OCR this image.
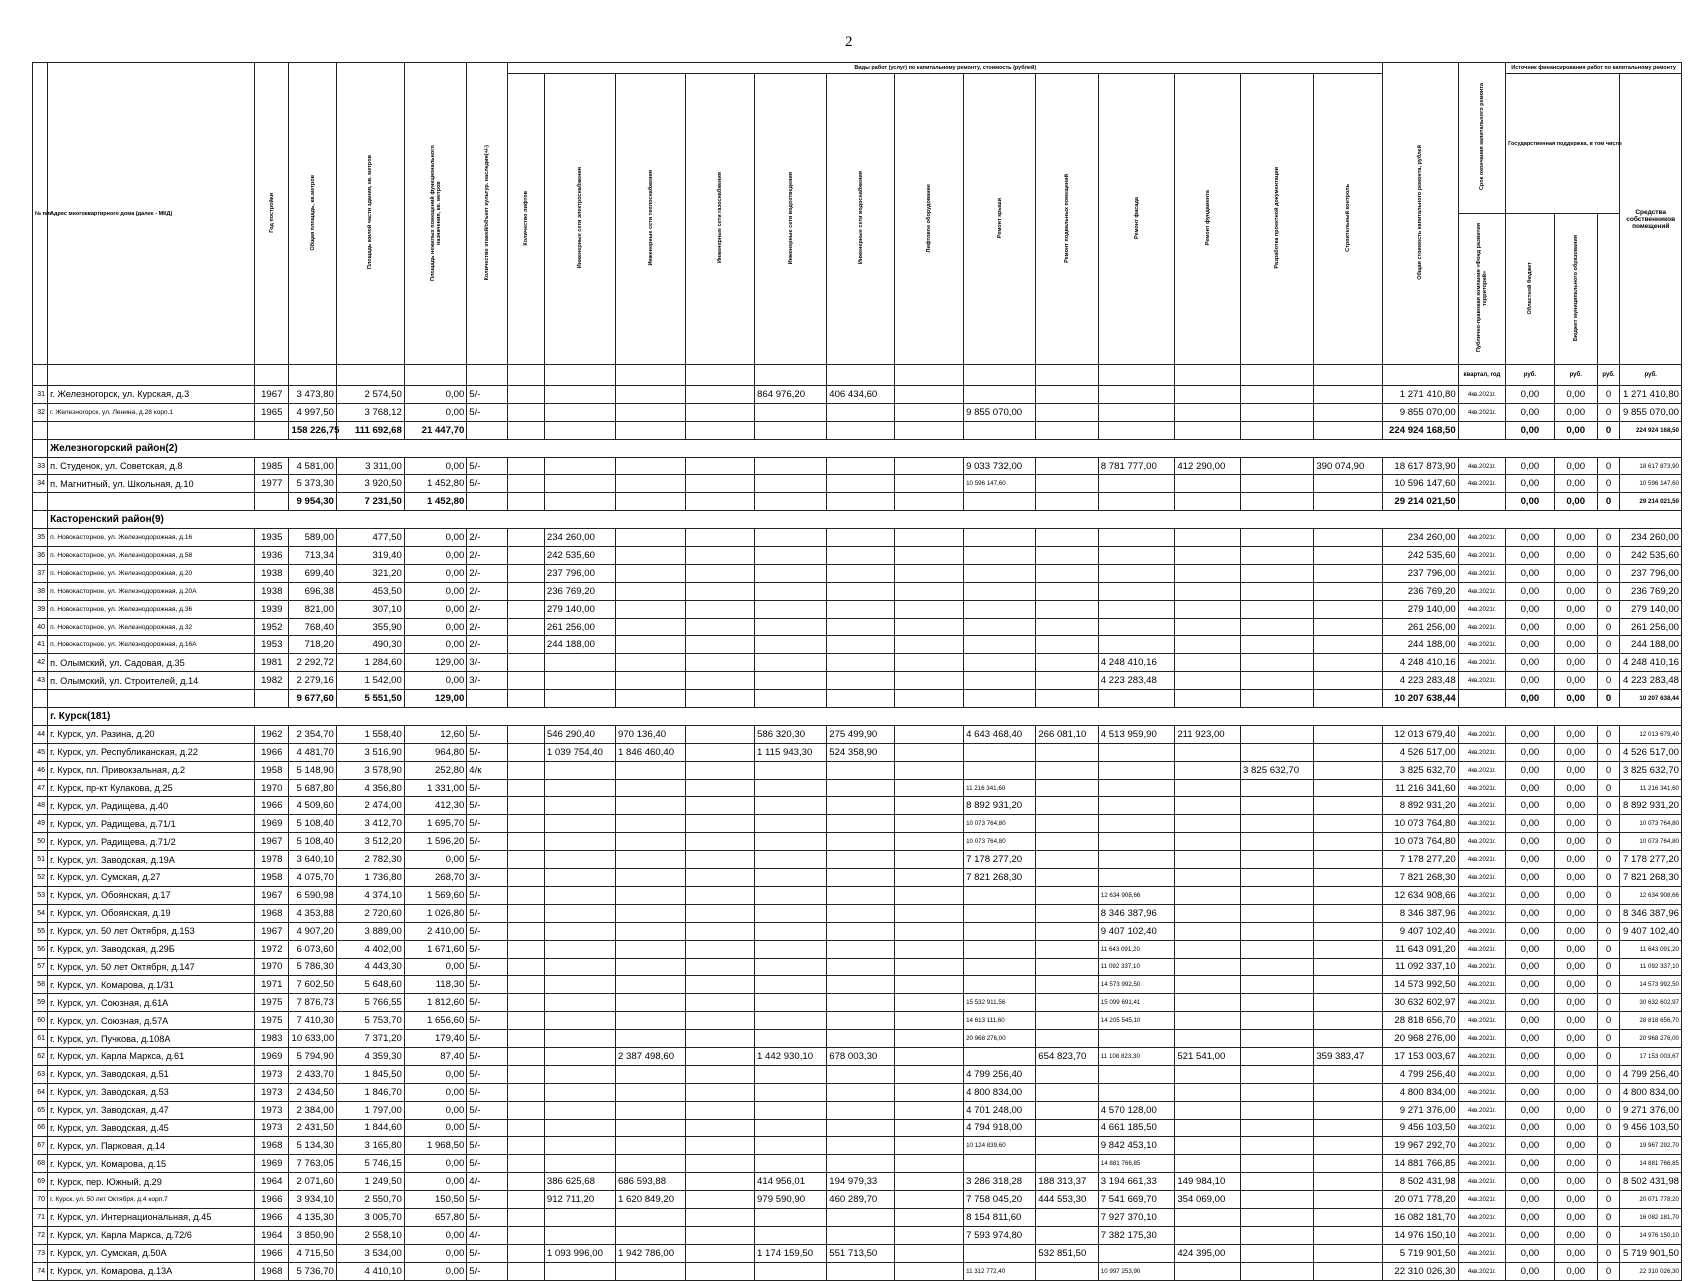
2
№ п/п	Адрес многоквартирного дома (далее - МКД)	Год постройки	Общая площадь, кв.метров	Площадь жилой части здания, кв. метров	Площадь нежилых помещений функционального назначения, кв. метров	Количество этажей/объект культур. наследия(+/-)	Виды работ (услуг) по капитальному ремонту, стоимость (рублей)													Общая стоимость капитального ремонта, рублей	Срок окончания капитального ремонта	Источник финансирования работ по капитальному ремонту			
							Количество лифтов	Инженерные сети электроснабжения	Инженерные сети теплоснабжения	Инженерные сети газоснабжения	Инженерные сети водоотведения	Инженерные сети водоснабжения	Лифтовое оборудование	Ремонт крыши	Ремонт подвальных помещений	Ремонт фасада	Ремонт фундамента	Разработка проектной документации	Строительный контроль			Государственная поддержка, в том числе			Средства собственников помещений
																					Публично-правовая компания «Фонд развития территорий»	Областной бюджет	Бюджет муниципального образования		
																					квартал, год	руб.	руб.	руб.	руб.
31	г. Железногорск, ул. Курская, д.3	1967	3 473,80	2 574,50	0,00	5/-					864 976,20	406 434,60								1 271 410,80	4кв.2021г.	0,00	0,00	0	1 271 410,80
32	г. Железногорск, ул. Ленина, д.28 корп.1	1965	4 997,50	3 768,12	0,00	5/-								9 855 070,00						9 855 070,00	4кв.2021г.	0,00	0,00	0	9 855 070,00
			158 226,75	111 692,68	21 447,70															224 924 168,50		0,00	0,00	0	224 924 168,50
	Железногорский район(2)																								
33	п. Студенок, ул. Советская, д.8	1985	4 581,00	3 311,00	0,00	5/-								9 033 732,00		8 781 777,00	412 290,00		390 074,90	18 617 873,90	4кв.2021г.	0,00	0,00	0	18 617 873,90
34	п. Магнитный, ул. Школьная, д.10	1977	5 373,30	3 920,50	1 452,80	5/-								10 596 147,60						10 596 147,60	4кв.2021г.	0,00	0,00	0	10 596 147,60
			9 954,30	7 231,50	1 452,80															29 214 021,50		0,00	0,00	0	29 214 021,50
	Касторенский район(9)																								
35	п. Новокасторное, ул. Железнодорожная, д.16	1935	589,00	477,50	0,00	2/-		234 260,00												234 260,00	4кв.2021г.	0,00	0,00	0	234 260,00
36	п. Новокасторное, ул. Железнодорожная, д.58	1936	713,34	319,40	0,00	2/-		242 535,60												242 535,60	4кв.2021г.	0,00	0,00	0	242 535,60
37	п. Новокасторное, ул. Железнодорожная, д.20	1938	699,40	321,20	0,00	2/-		237 796,00												237 796,00	4кв.2021г.	0,00	0,00	0	237 796,00
38	п. Новокасторное, ул. Железнодорожная, д.20А	1938	696,38	453,50	0,00	2/-		236 769,20												236 769,20	4кв.2021г.	0,00	0,00	0	236 769,20
39	п. Новокасторное, ул. Железнодорожная, д.36	1939	821,00	307,10	0,00	2/-		279 140,00												279 140,00	4кв.2021г.	0,00	0,00	0	279 140,00
40	п. Новокасторное, ул. Железнодорожная, д.32	1952	768,40	355,90	0,00	2/-		261 256,00												261 256,00	4кв.2021г.	0,00	0,00	0	261 256,00
41	п. Новокасторное, ул. Железнодорожная, д.16А	1953	718,20	490,30	0,00	2/-		244 188,00												244 188,00	4кв.2021г.	0,00	0,00	0	244 188,00
42	п. Олымский, ул. Садовая, д.35	1981	2 292,72	1 284,60	129,00	3/-										4 248 410,16				4 248 410,16	4кв.2021г.	0,00	0,00	0	4 248 410,16
43	п. Олымский, ул. Строителей, д.14	1982	2 279,16	1 542,00	0,00	3/-										4 223 283,48				4 223 283,48	4кв.2021г.	0,00	0,00	0	4 223 283,48
			9 677,60	5 551,50	129,00															10 207 638,44		0,00	0,00	0	10 207 638,44
	г. Курск(181)																								
44	г. Курск, ул. Разина, д.20	1962	2 354,70	1 558,40	12,60	5/-		546 290,40	970 136,40		586 320,30	275 499,90		4 643 468,40	266 081,10	4 513 959,90	211 923,00			12 013 679,40	4кв.2021г.	0,00	0,00	0	12 013 679,40
45	г. Курск, ул. Республиканская, д.22	1966	4 481,70	3 516,90	964,80	5/-		1 039 754,40	1 846 460,40		1 115 943,30	524 358,90								4 526 517,00	4кв.2021г.	0,00	0,00	0	4 526 517,00
46	г. Курск, пл. Привокзальная, д.2	1958	5 148,90	3 578,90	252,80	4/к												3 825 632,70		3 825 632,70	4кв.2021г.	0,00	0,00	0	3 825 632,70
47	г. Курск, пр-кт Кулакова, д.25	1970	5 687,80	4 356,80	1 331,00	5/-								11 216 341,60						11 216 341,60	4кв.2021г.	0,00	0,00	0	11 216 341,60
48	г. Курск, ул. Радищева, д.40	1966	4 509,60	2 474,00	412,30	5/-								8 892 931,20						8 892 931,20	4кв.2021г.	0,00	0,00	0	8 892 931,20
49	г. Курск, ул. Радищева, д.71/1	1969	5 108,40	3 412,70	1 695,70	5/-								10 073 764,80						10 073 764,80	4кв.2021г.	0,00	0,00	0	10 073 764,80
50	г. Курск, ул. Радищева, д.71/2	1967	5 108,40	3 512,20	1 596,20	5/-								10 073 764,80						10 073 764,80	4кв.2021г.	0,00	0,00	0	10 073 764,80
51	г. Курск, ул. Заводская, д.19А	1978	3 640,10	2 782,30	0,00	5/-								7 178 277,20						7 178 277,20	4кв.2021г.	0,00	0,00	0	7 178 277,20
52	г. Курск, ул. Сумская, д.27	1958	4 075,70	1 736,80	268,70	3/-								7 821 268,30						7 821 268,30	4кв.2021г.	0,00	0,00	0	7 821 268,30
53	г. Курск, ул. Обоянская, д.17	1967	6 590,98	4 374,10	1 569,60	5/-										12 634 908,66				12 634 908,66	4кв.2021г.	0,00	0,00	0	12 634 908,66
54	г. Курск, ул. Обоянская, д.19	1968	4 353,88	2 720,60	1 026,80	5/-										8 346 387,96				8 346 387,96	4кв.2021г.	0,00	0,00	0	8 346 387,96
55	г. Курск, ул. 50 лет Октября, д.153	1967	4 907,20	3 889,00	2 410,00	5/-										9 407 102,40				9 407 102,40	4кв.2021г.	0,00	0,00	0	9 407 102,40
56	г. Курск, ул. Заводская, д.29Б	1972	6 073,60	4 402,00	1 671,60	5/-										11 643 091,20				11 643 091,20	4кв.2021г.	0,00	0,00	0	11 643 091,20
57	г. Курск, ул. 50 лет Октября, д.147	1970	5 786,30	4 443,30	0,00	5/-										11 092 337,10				11 092 337,10	4кв.2021г.	0,00	0,00	0	11 092 337,10
58	г. Курск, ул. Комарова, д.1/31	1971	7 602,50	5 648,60	118,30	5/-										14 573 992,50				14 573 992,50	4кв.2021г.	0,00	0,00	0	14 573 992,50
59	г. Курск, ул. Союзная, д.61А	1975	7 876,73	5 766,55	1 812,60	5/-								15 532 911,56		15 099 691,41				30 632 602,97	4кв.2021г.	0,00	0,00	0	30 632 602,97
60	г. Курск, ул. Союзная, д.57А	1975	7 410,30	5 753,70	1 656,60	5/-								14 613 111,60		14 205 545,10				28 818 656,70	4кв.2021г.	0,00	0,00	0	28 818 656,70
61	г. Курск, ул. Пучкова, д.108А	1983	10 633,00	7 371,20	179,40	5/-								20 968 276,00						20 968 276,00	4кв.2021г.	0,00	0,00	0	20 968 276,00
62	г. Курск, ул. Карла Маркса, д.61	1969	5 794,90	4 359,30	87,40	5/-			2 387 498,60		1 442 930,10	678 003,30			654 823,70	11 108 823,30	521 541,00		359 383,47	17 153 003,67	4кв.2021г.	0,00	0,00	0	17 153 003,67
63	г. Курск, ул. Заводская, д.51	1973	2 433,70	1 845,50	0,00	5/-								4 799 256,40						4 799 256,40	4кв.2021г.	0,00	0,00	0	4 799 256,40
64	г. Курск, ул. Заводская, д.53	1973	2 434,50	1 846,70	0,00	5/-								4 800 834,00						4 800 834,00	4кв.2021г.	0,00	0,00	0	4 800 834,00
65	г. Курск, ул. Заводская, д.47	1973	2 384,00	1 797,00	0,00	5/-								4 701 248,00		4 570 128,00				9 271 376,00	4кв.2021г.	0,00	0,00	0	9 271 376,00
66	г. Курск, ул. Заводская, д.45	1973	2 431,50	1 844,60	0,00	5/-								4 794 918,00		4 661 185,50				9 456 103,50	4кв.2021г.	0,00	0,00	0	9 456 103,50
67	г. Курск, ул. Парковая, д.14	1968	5 134,30	3 165,80	1 968,50	5/-								10 124 839,60		9 842 453,10				19 967 292,70	4кв.2021г.	0,00	0,00	0	19 967 292,70
68	г. Курск, ул. Комарова, д.15	1969	7 763,05	5 746,15	0,00	5/-										14 881 766,85				14 881 766,85	4кв.2021г.	0,00	0,00	0	14 881 766,85
69	г. Курск, пер. Южный, д.29	1964	2 071,60	1 249,50	0,00	4/-		386 625,68	686 593,88		414 956,01	194 979,33		3 286 318,28	188 313,37	3 194 661,33	149 984,10			8 502 431,98	4кв.2021г.	0,00	0,00	0	8 502 431,98
70	г. Курск, ул. 50 лет Октября, д.4 корп.7	1966	3 934,10	2 550,70	150,50	5/-		912 711,20	1 620 849,20		979 590,90	460 289,70		7 758 045,20	444 553,30	7 541 669,70	354 069,00			20 071 778,20	4кв.2021г.	0,00	0,00	0	20 071 778,20
71	г. Курск, ул. Интернациональная, д.45	1966	4 135,30	3 005,70	657,80	5/-								8 154 811,60		7 927 370,10				16 082 181,70	4кв.2021г.	0,00	0,00	0	16 082 181,70
72	г. Курск, ул. Карла Маркса, д.72/6	1964	3 850,90	2 558,10	0,00	4/-								7 593 974,80		7 382 175,30				14 976 150,10	4кв.2021г.	0,00	0,00	0	14 976 150,10
73	г. Курск, ул. Сумская, д.50А	1966	4 715,50	3 534,00	0,00	5/-		1 093 996,00	1 942 786,00		1 174 159,50	551 713,50			532 851,50		424 395,00			5 719 901,50	4кв.2021г.	0,00	0,00	0	5 719 901,50
74	г. Курск, ул. Комарова, д.13А	1968	5 736,70	4 410,10	0,00	5/-								11 312 772,40		10 997 253,90				22 310 026,30	4кв.2021г.	0,00	0,00	0	22 310 026,30
